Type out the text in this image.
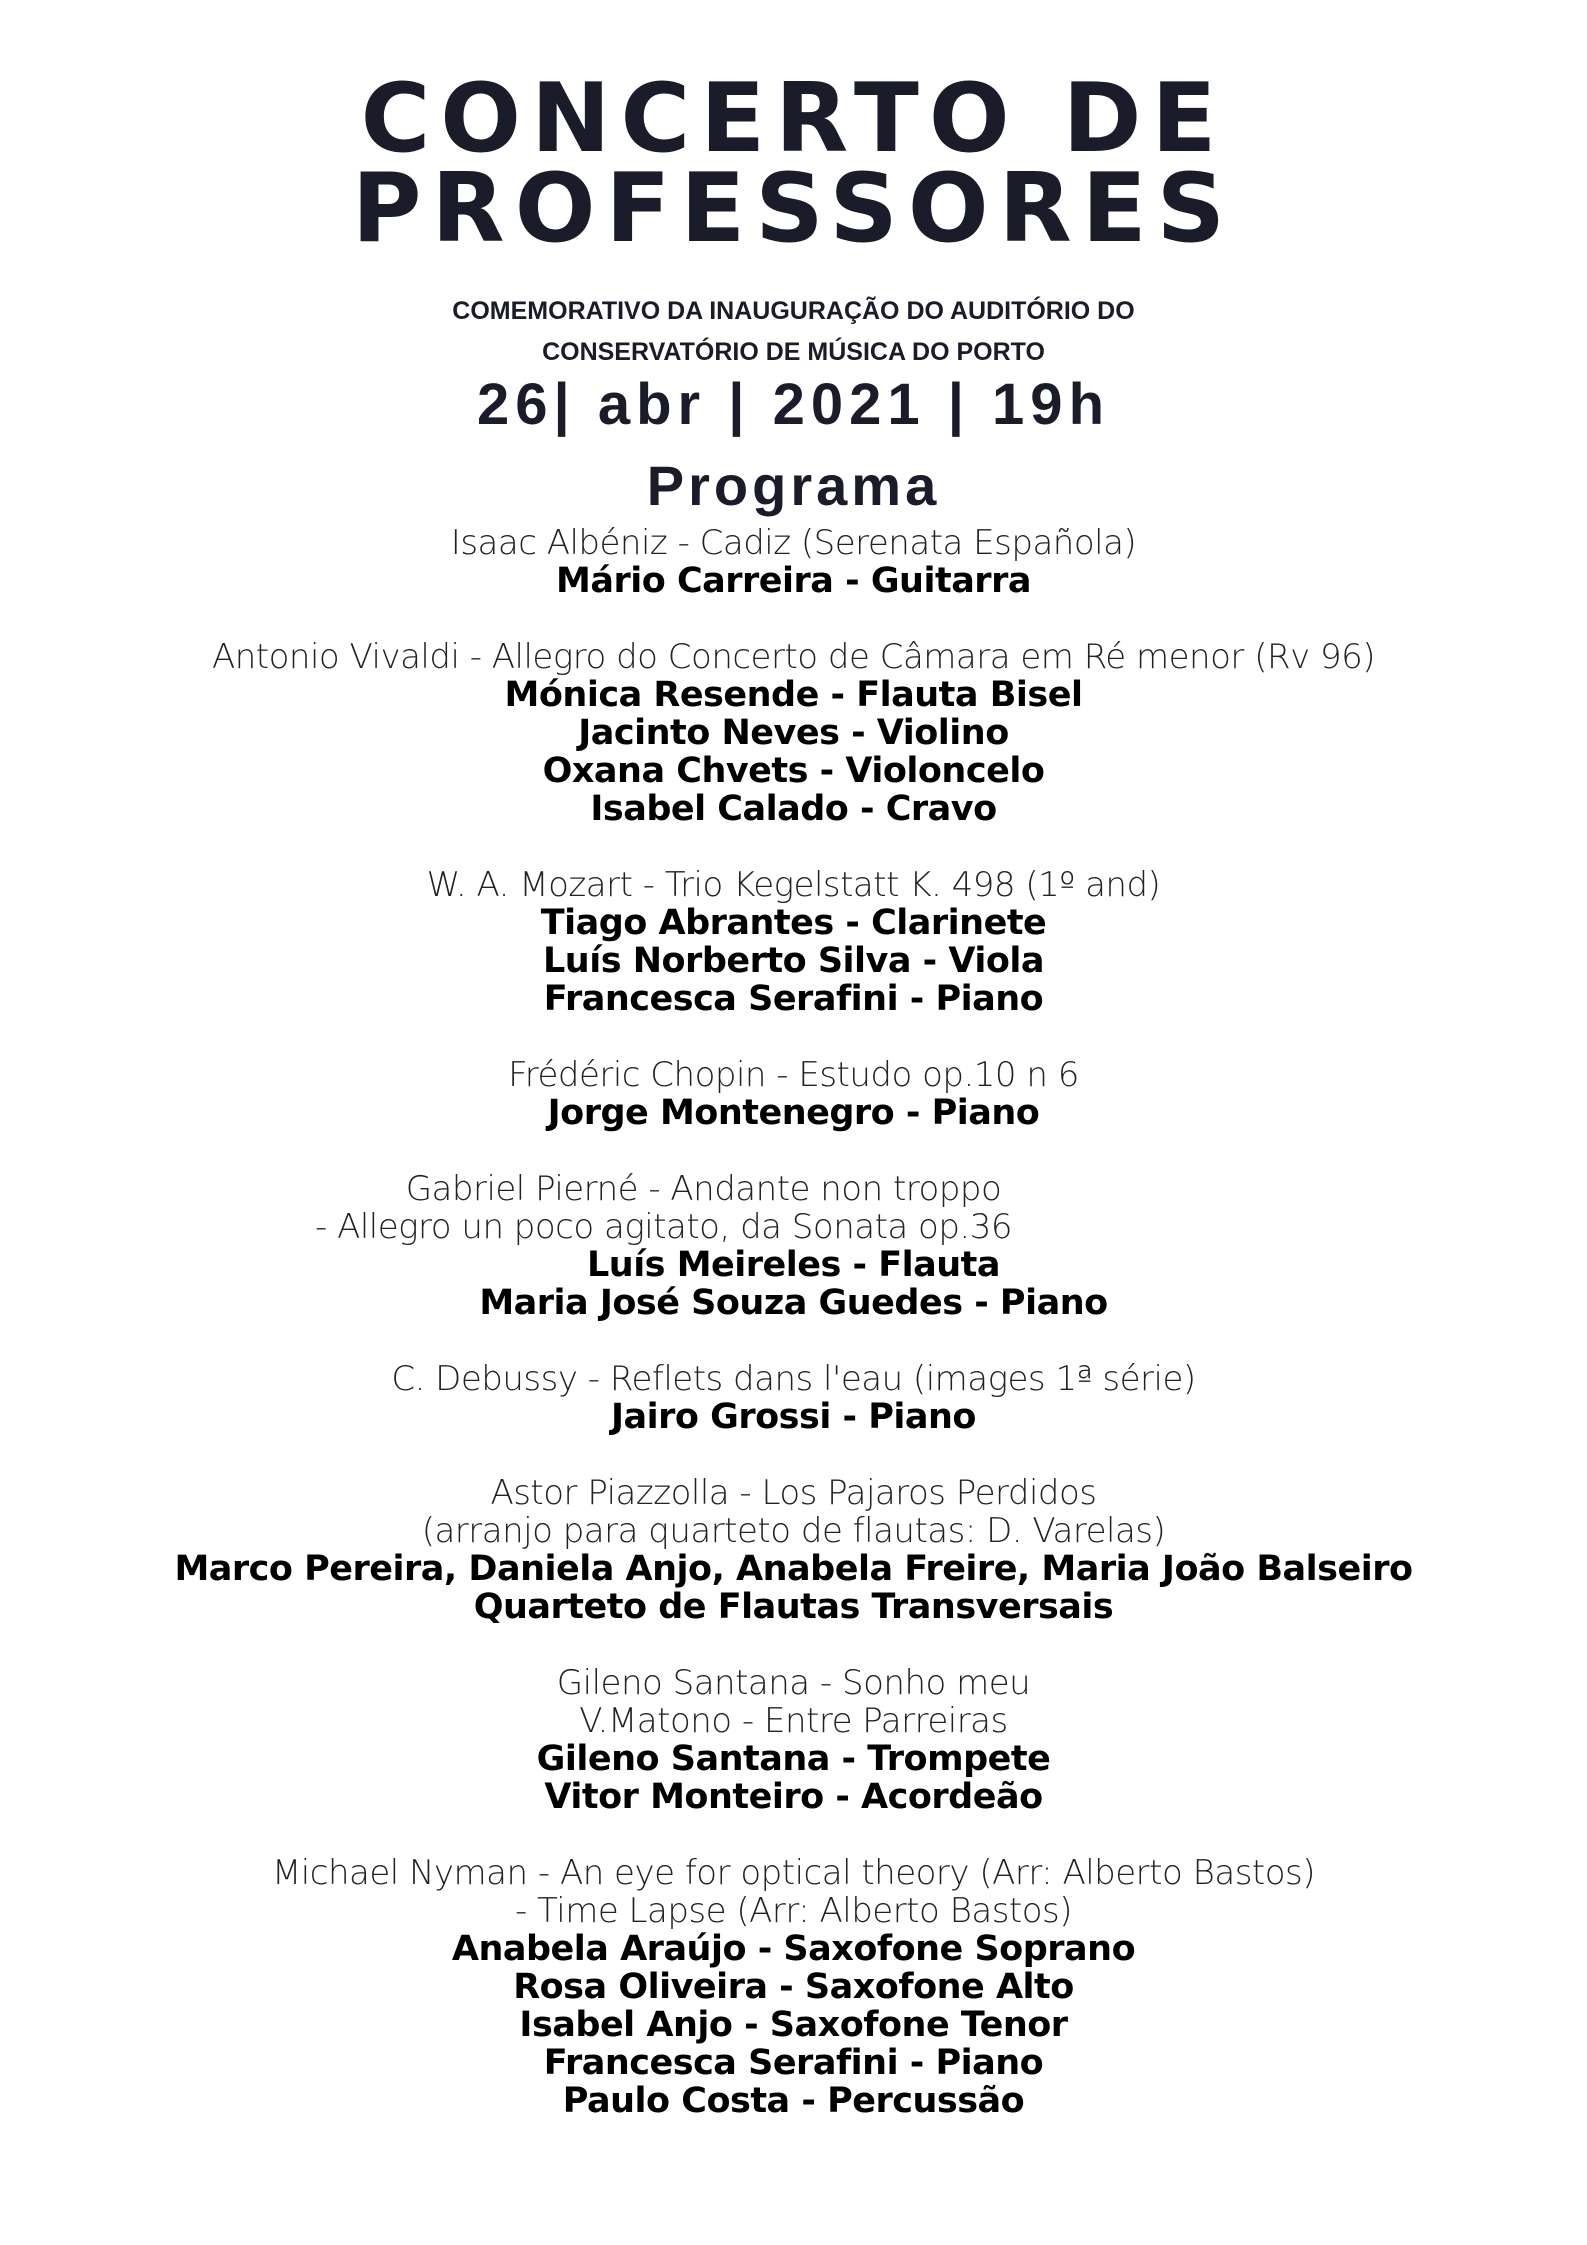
CONCERTO DE
PROFESSORES
COMEMORATIVO DA INAUGURAÇÃO DO AUDITÓRIO DO
CONSERVATÓRIO DE MÚSICA DO PORTO
26| abr | 2021 | 19h
Programa
Isaac Albéniz - Cadiz (Serenata Española)
Mário Carreira - Guitarra
Antonio Vivaldi - Allegro do Concerto de Câmara em Ré menor (Rv 96)
Mónica Resende - Flauta Bisel
Jacinto Neves - Violino
Oxana Chvets - Violoncelo
Isabel Calado - Cravo
W. A. Mozart - Trio Kegelstatt K. 498 (1º and)
Tiago Abrantes - Clarinete
Luís Norberto Silva - Viola
Francesca Serafini - Piano
Frédéric Chopin - Estudo op.10 n 6
Jorge Montenegro - Piano
Gabriel Pierné - Andante non troppo
- Allegro un poco agitato, da Sonata op.36
Luís Meireles - Flauta
Maria José Souza Guedes - Piano
C. Debussy - Reflets dans l'eau (images 1ª série)
Jairo Grossi - Piano
Astor Piazzolla - Los Pajaros Perdidos
(arranjo para quarteto de flautas: D. Varelas)
Marco Pereira, Daniela Anjo, Anabela Freire, Maria João Balseiro
Quarteto de Flautas Transversais
Gileno Santana - Sonho meu
V.Matono - Entre Parreiras
Gileno Santana - Trompete
Vitor Monteiro - Acordeão
Michael Nyman - An eye for optical theory (Arr: Alberto Bastos)
- Time Lapse (Arr: Alberto Bastos)
Anabela Araújo - Saxofone Soprano
Rosa Oliveira - Saxofone Alto
Isabel Anjo - Saxofone Tenor
Francesca Serafini - Piano
Paulo Costa - Percussão
